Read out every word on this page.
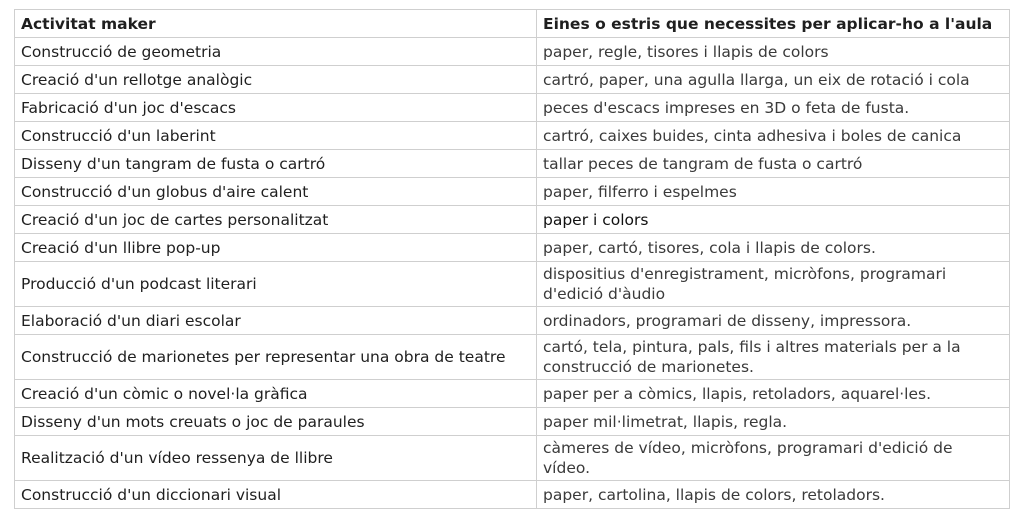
Activitat maker	Eines o estris que necessites per aplicar-ho a l'aula
Construcció de geometria	paper, regle, tisores i llapis de colors
Creació d'un rellotge analògic	cartró, paper, una agulla llarga, un eix de rotació i cola
Fabricació d'un joc d'escacs	peces d'escacs impreses en 3D o feta de fusta.
Construcció d'un laberint	cartró, caixes buides, cinta adhesiva i boles de canica
Disseny d'un tangram de fusta o cartró	tallar peces de tangram de fusta o cartró
Construcció d'un globus d'aire calent	paper, filferro i espelmes
Creació d'un joc de cartes personalitzat	paper i colors
Creació d'un llibre pop-up	paper, cartó, tisores, cola i llapis de colors.
Producció d'un podcast literari	dispositius d'enregistrament, micròfons, programari d'edició d'àudio
Elaboració d'un diari escolar	ordinadors, programari de disseny, impressora.
Construcció de marionetes per representar una obra de teatre	cartó, tela, pintura, pals, fils i altres materials per a la construcció de marionetes.
Creació d'un còmic o novel·la gràfica	paper per a còmics, llapis, retoladors, aquarel·les.
Disseny d'un mots creuats o joc de paraules	paper mil·limetrat, llapis, regla.
Realització d'un vídeo ressenya de llibre	càmeres de vídeo, micròfons, programari d'edició de vídeo.
Construcció d'un diccionari visual	paper, cartolina, llapis de colors, retoladors.
